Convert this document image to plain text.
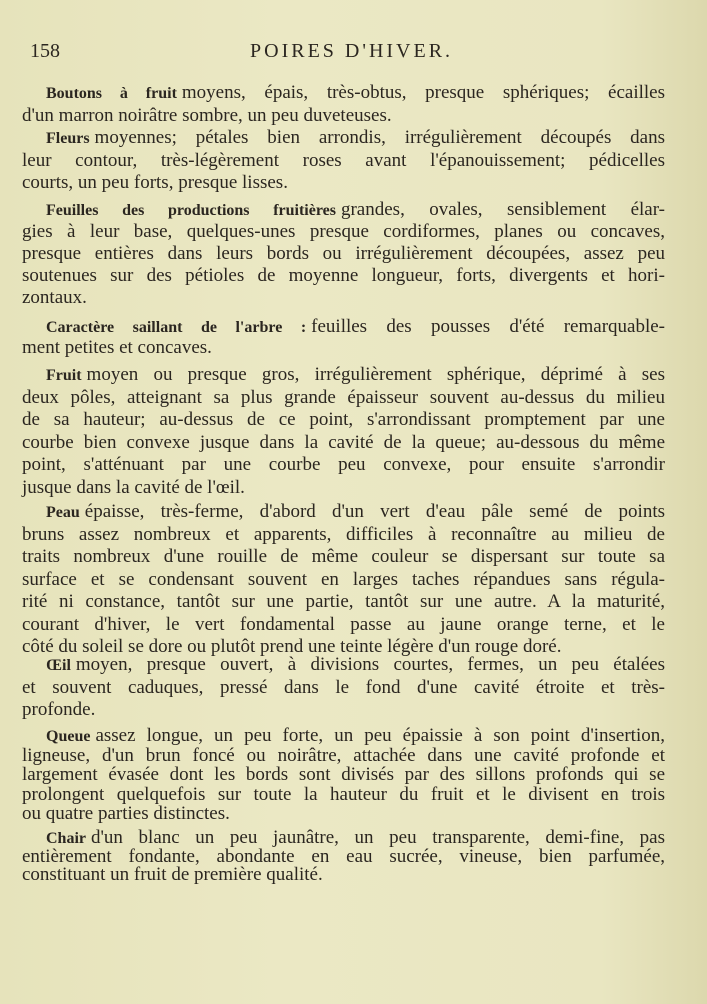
158	POIRES D'HIVER.
Boutons à fruit moyens, épais, très-obtus, presque sphériques; écailles
d'un marron noirâtre sombre, un peu duveteuses.
Fleurs moyennes; pétales bien arrondis, irrégulièrement découpés dans
leur contour, très-légèrement roses avant l'épanouissement; pédicelles
courts, un peu forts, presque lisses.
Feuilles des productions fruitières grandes, ovales, sensiblement élar-
gies à leur base, quelques-unes presque cordiformes, planes ou concaves,
presque entières dans leurs bords ou irrégulièrement découpées, assez peu
soutenues sur des pétioles de moyenne longueur, forts, divergents et hori-
zontaux.
Caractère saillant de l'arbre : feuilles des pousses d'été remarquable-
ment petites et concaves.
Fruit moyen ou presque gros, irrégulièrement sphérique, déprimé à ses
deux pôles, atteignant sa plus grande épaisseur souvent au-dessus du milieu
de sa hauteur; au-dessus de ce point, s'arrondissant promptement par une
courbe bien convexe jusque dans la cavité de la queue; au-dessous du même
point, s'atténuant par une courbe peu convexe, pour ensuite s'arrondir
jusque dans la cavité de l'œil.
Peau épaisse, très-ferme, d'abord d'un vert d'eau pâle semé de points
bruns assez nombreux et apparents, difficiles à reconnaître au milieu de
traits nombreux d'une rouille de même couleur se dispersant sur toute sa
surface et se condensant souvent en larges taches répandues sans régula-
rité ni constance, tantôt sur une partie, tantôt sur une autre. A la maturité,
courant d'hiver, le vert fondamental passe au jaune orange terne, et le
côté du soleil se dore ou plutôt prend une teinte légère d'un rouge doré.
Œil moyen, presque ouvert, à divisions courtes, fermes, un peu étalées
et souvent caduques, pressé dans le fond d'une cavité étroite et très-
profonde.
Queue assez longue, un peu forte, un peu épaissie à son point d'insertion,
ligneuse, d'un brun foncé ou noirâtre, attachée dans une cavité profonde et
largement évasée dont les bords sont divisés par des sillons profonds qui se
prolongent quelquefois sur toute la hauteur du fruit et le divisent en trois
ou quatre parties distinctes.
Chair d'un blanc un peu jaunâtre, un peu transparente, demi-fine, pas
entièrement fondante, abondante en eau sucrée, vineuse, bien parfumée,
constituant un fruit de première qualité.
